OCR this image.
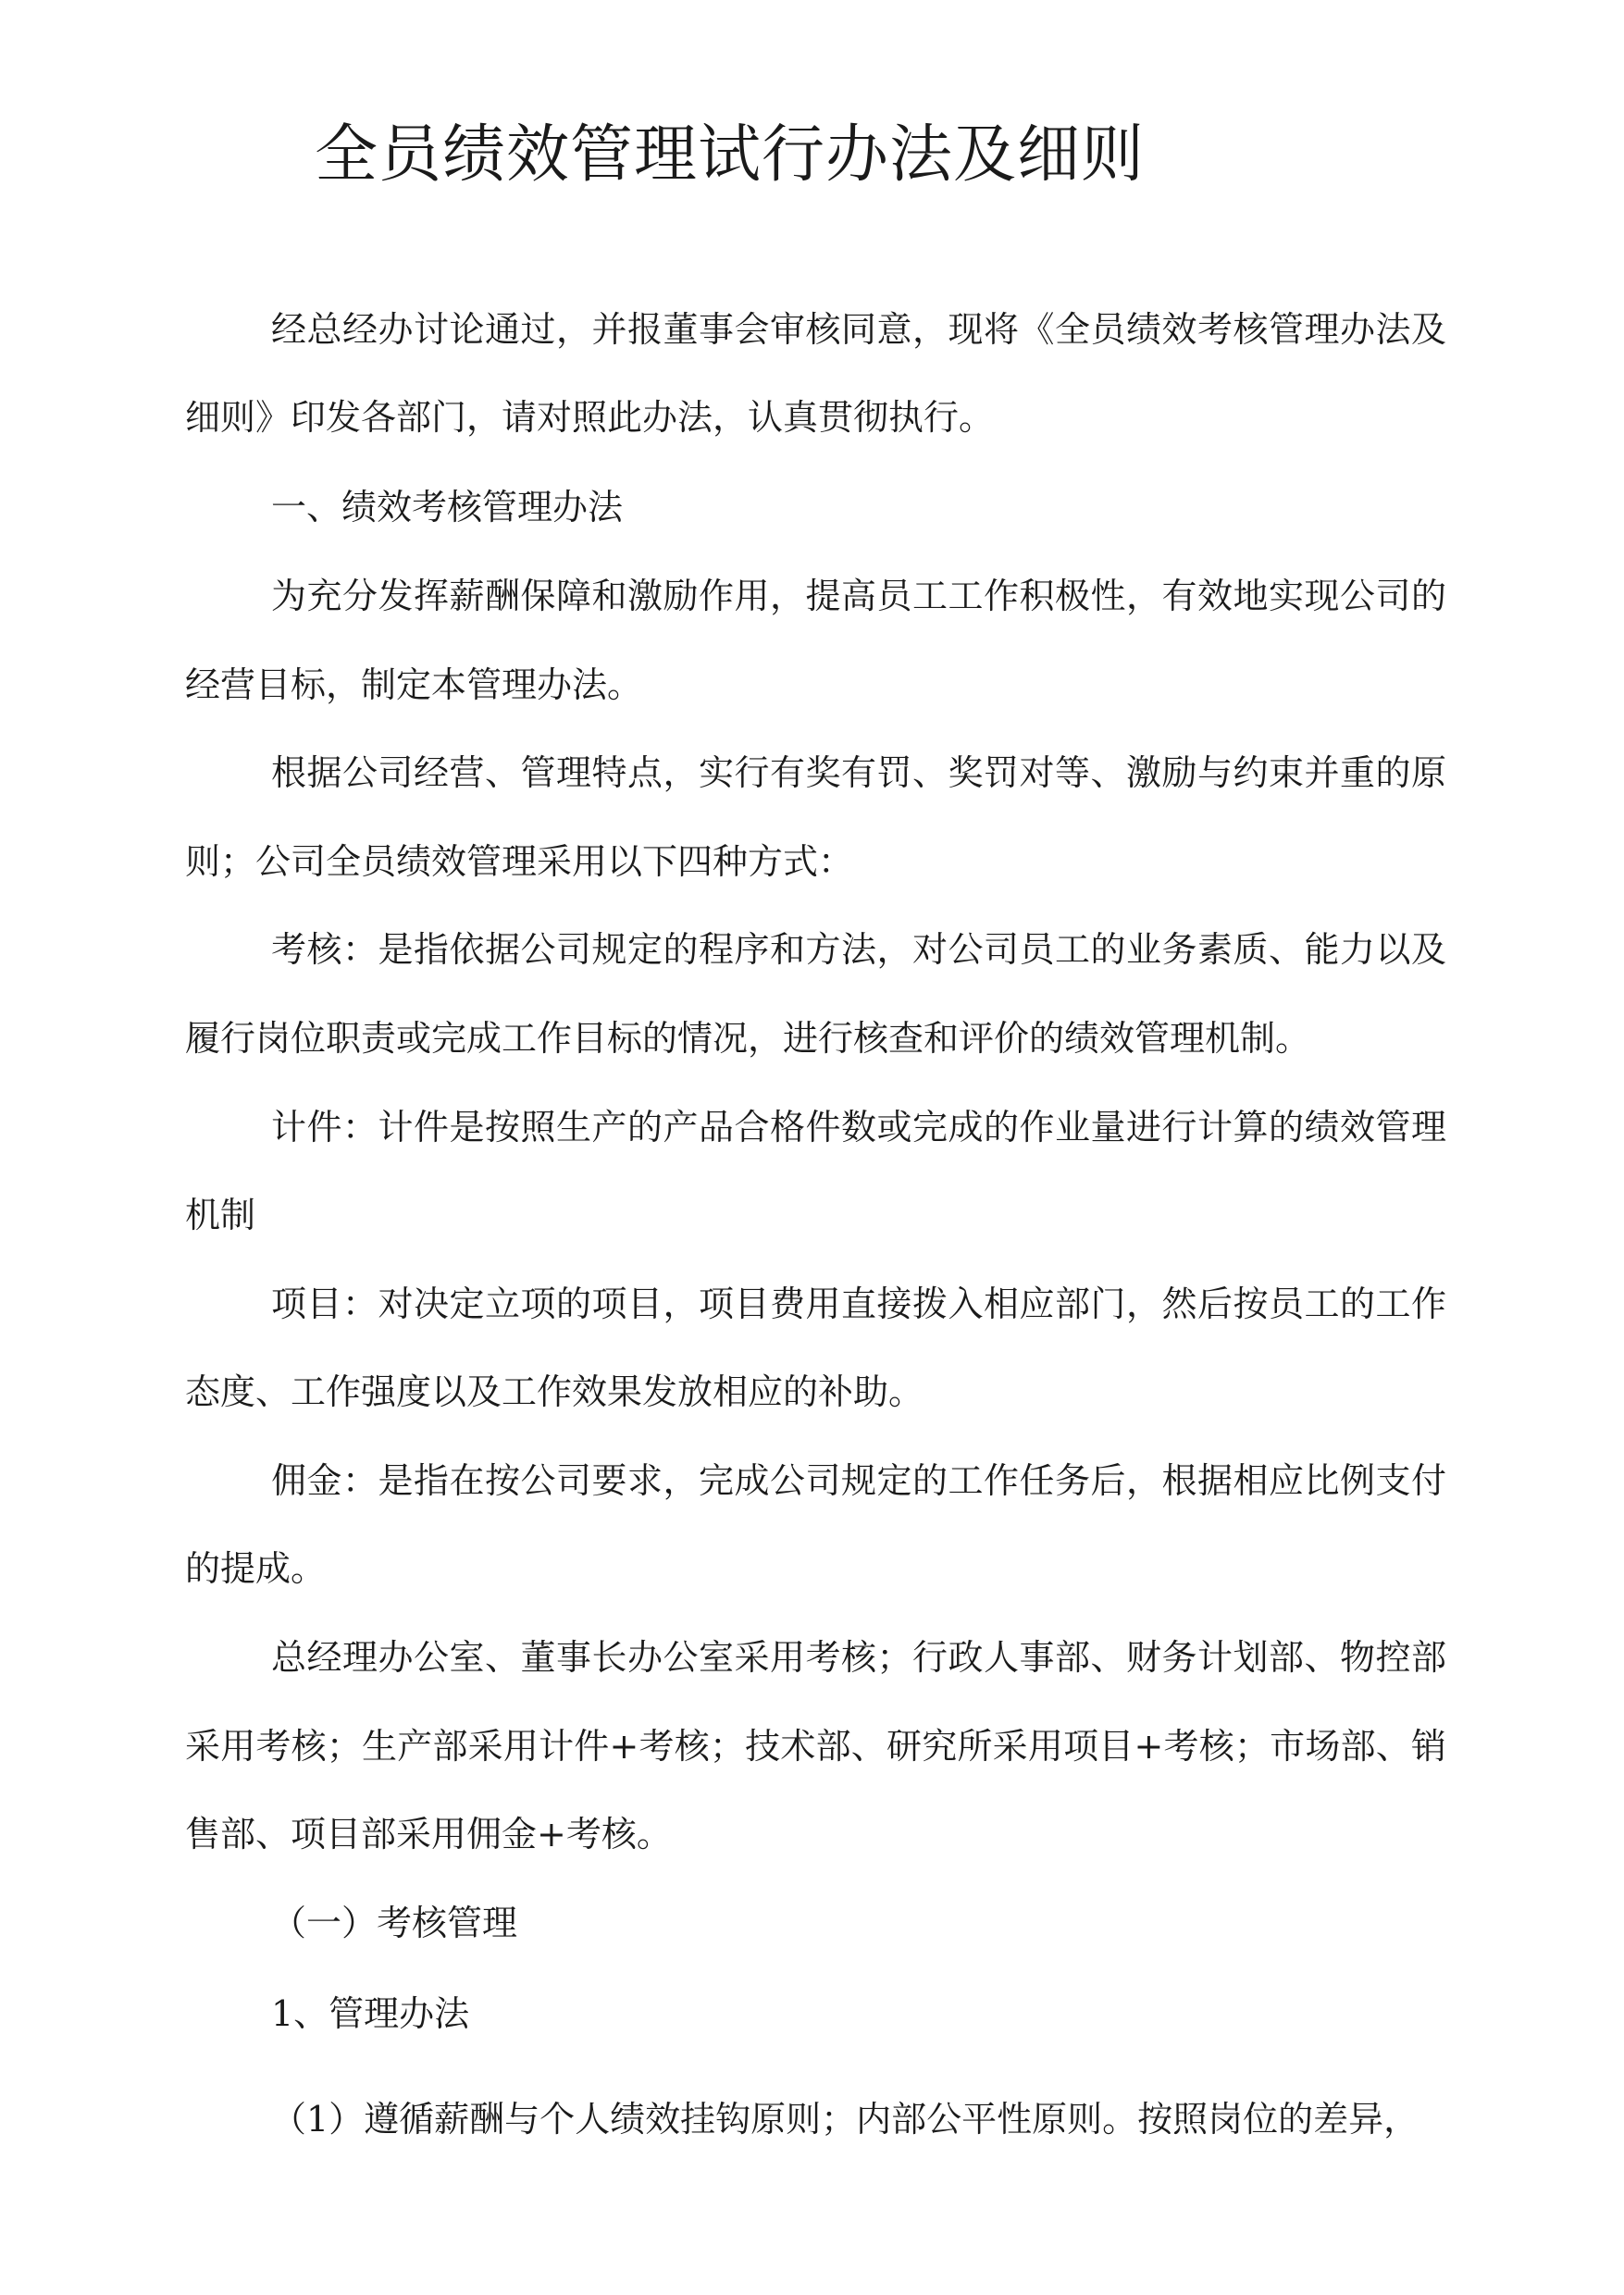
全员绩效管理试行办法及细则
经总经办讨论通过，并报董事会审核同意，现将《全员绩效考核管理办法及
细则》印发各部门，请对照此办法，认真贯彻执行。
一、绩效考核管理办法
为充分发挥薪酬保障和激励作用，提高员工工作积极性，有效地实现公司的
经营目标，制定本管理办法。
根据公司经营、管理特点，实行有奖有罚、奖罚对等、激励与约束并重的原
则；公司全员绩效管理采用以下四种方式：
考核：是指依据公司规定的程序和方法，对公司员工的业务素质、能力以及
履行岗位职责或完成工作目标的情况，进行核查和评价的绩效管理机制。
计件：计件是按照生产的产品合格件数或完成的作业量进行计算的绩效管理
机制
项目：对决定立项的项目，项目费用直接拨入相应部门，然后按员工的工作
态度、工作强度以及工作效果发放相应的补助。
佣金：是指在按公司要求，完成公司规定的工作任务后，根据相应比例支付
的提成。
总经理办公室、董事长办公室采用考核；行政人事部、财务计划部、物控部
采用考核；生产部采用计件+考核；技术部、研究所采用项目+考核；市场部、销
售部、项目部采用佣金+考核。
（一）考核管理
1、管理办法
（1）遵循薪酬与个人绩效挂钩原则；内部公平性原则。按照岗位的差异，
